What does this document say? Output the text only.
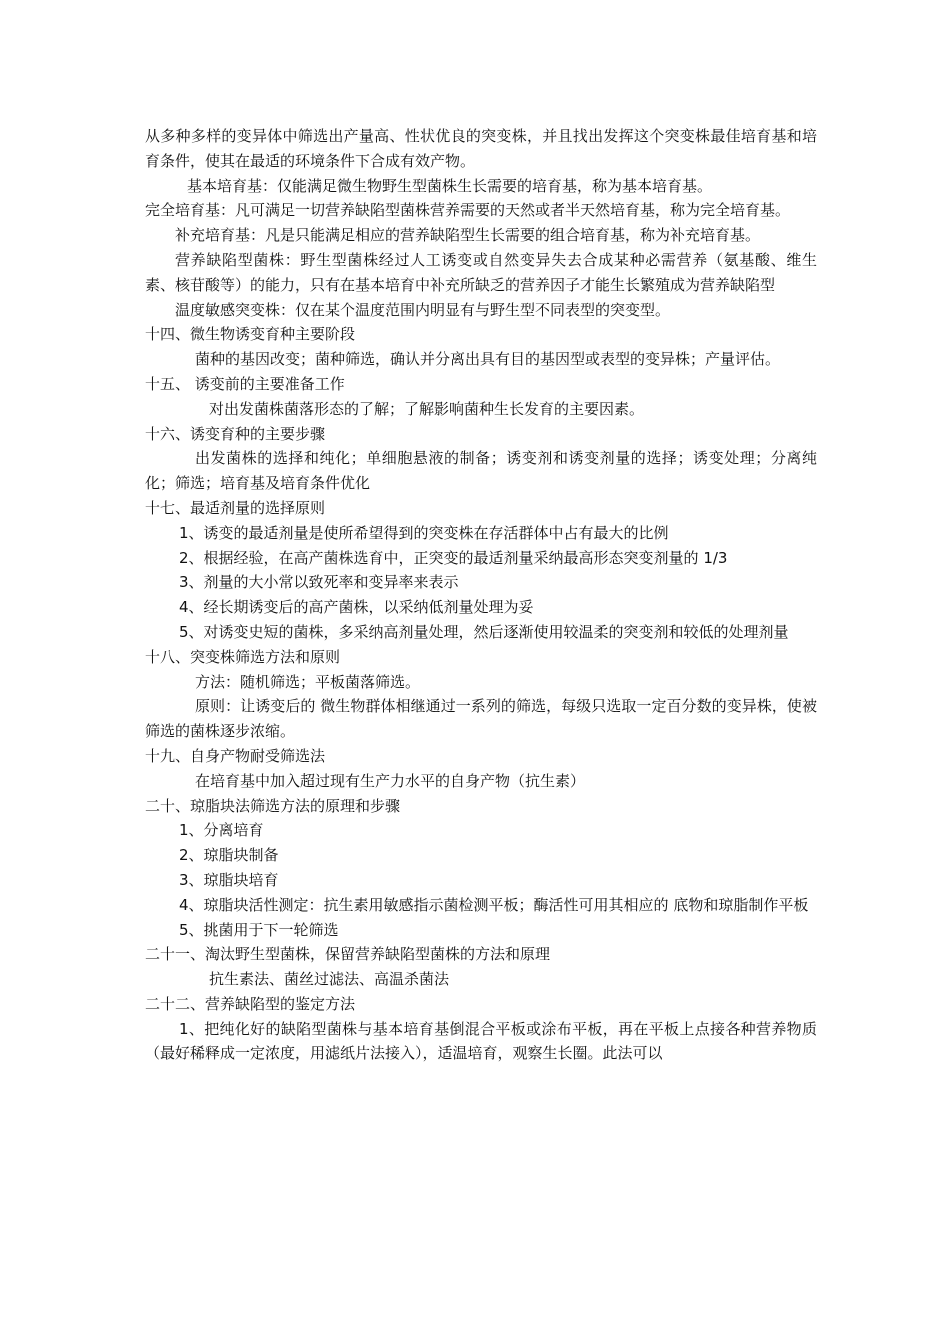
从多种多样的变异体中筛选出产量高、性状优良的突变株，并且找出发挥这个突变株最佳培育基和培育条件，使其在最适的环境条件下合成有效产物。

基本培育基：仅能满足微生物野生型菌株生长需要的培育基，称为基本培育基。

完全培育基：凡可满足一切营养缺陷型菌株营养需要的天然或者半天然培育基，称为完全培育基。

补充培育基：凡是只能满足相应的营养缺陷型生长需要的组合培育基，称为补充培育基。

营养缺陷型菌株：野生型菌株经过人工诱变或自然变异失去合成某种必需营养（氨基酸、维生素、核苷酸等）的能力，只有在基本培育中补充所缺乏的营养因子才能生长繁殖成为营养缺陷型

温度敏感突变株：仅在某个温度范围内明显有与野生型不同表型的突变型。

十四、微生物诱变育种主要阶段

菌种的基因改变；菌种筛选，确认并分离出具有目的基因型或表型的变异株；产量评估。

十五、 诱变前的主要准备工作

对出发菌株菌落形态的了解；了解影响菌种生长发育的主要因素。

十六、诱变育种的主要步骤

出发菌株的选择和纯化；单细胞悬液的制备；诱变剂和诱变剂量的选择；诱变处理；分离纯化；筛选；培育基及培育条件优化

十七、最适剂量的选择原则

1、诱变的最适剂量是使所希望得到的突变株在存活群体中占有最大的比例

2、根据经验，在高产菌株选育中，正突变的最适剂量采纳最高形态突变剂量的 1/3

3、剂量的大小常以致死率和变异率来表示

4、经长期诱变后的高产菌株，以采纳低剂量处理为妥

5、对诱变史短的菌株，多采纳高剂量处理，然后逐渐使用较温柔的突变剂和较低的处理剂量

十八、突变株筛选方法和原则

方法：随机筛选；平板菌落筛选。

原则：让诱变后的 微生物群体相继通过一系列的筛选，每级只选取一定百分数的变异株，使被筛选的菌株逐步浓缩。

十九、自身产物耐受筛选法

在培育基中加入超过现有生产力水平的自身产物（抗生素）

二十、琼脂块法筛选方法的原理和步骤

1、分离培育

2、琼脂块制备

3、琼脂块培育

4、琼脂块活性测定：抗生素用敏感指示菌检测平板；酶活性可用其相应的 底物和琼脂制作平板

5、挑菌用于下一轮筛选

二十一、淘汰野生型菌株，保留营养缺陷型菌株的方法和原理

抗生素法、菌丝过滤法、高温杀菌法

二十二、营养缺陷型的鉴定方法

1、把纯化好的缺陷型菌株与基本培育基倒混合平板或涂布平板，再在平板上点接各种营养物质（最好稀释成一定浓度，用滤纸片法接入），适温培育，观察生长圈。此法可以
